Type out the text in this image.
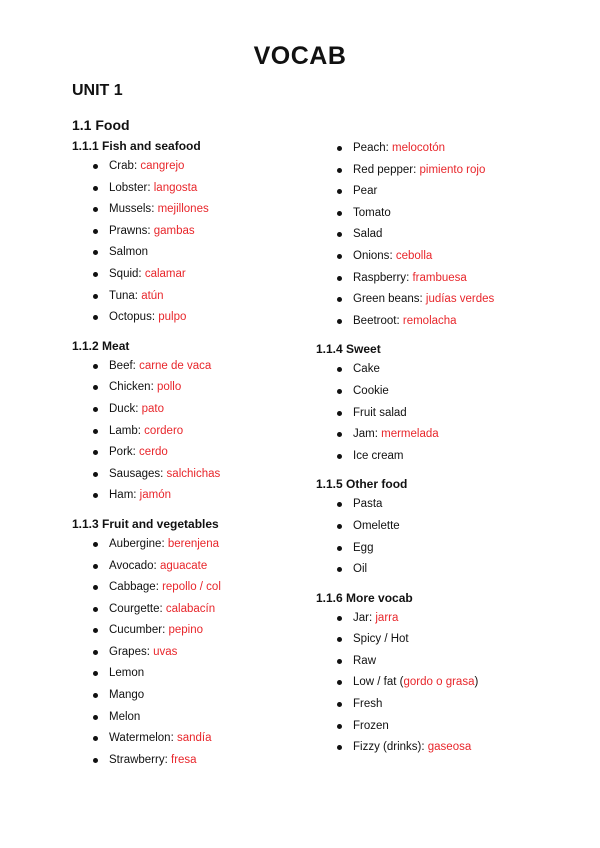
VOCAB
UNIT 1
1.1 Food
1.1.1 Fish and seafood
Crab: cangrejo
Lobster: langosta
Mussels: mejillones
Prawns: gambas
Salmon
Squid: calamar
Tuna: atún
Octopus: pulpo
1.1.2 Meat
Beef: carne de vaca
Chicken: pollo
Duck: pato
Lamb: cordero
Pork: cerdo
Sausages: salchichas
Ham: jamón
1.1.3 Fruit and vegetables
Aubergine: berenjena
Avocado: aguacate
Cabbage: repollo / col
Courgette: calabacín
Cucumber: pepino
Grapes: uvas
Lemon
Mango
Melon
Watermelon: sandía
Strawberry: fresa
Peach: melocotón
Red pepper: pimiento rojo
Pear
Tomato
Salad
Onions: cebolla
Raspberry: frambuesa
Green beans: judías verdes
Beetroot: remolacha
1.1.4 Sweet
Cake
Cookie
Fruit salad
Jam: mermelada
Ice cream
1.1.5 Other food
Pasta
Omelette
Egg
Oil
1.1.6 More vocab
Jar: jarra
Spicy / Hot
Raw
Low / fat (gordo o grasa)
Fresh
Frozen
Fizzy (drinks): gaseosa
